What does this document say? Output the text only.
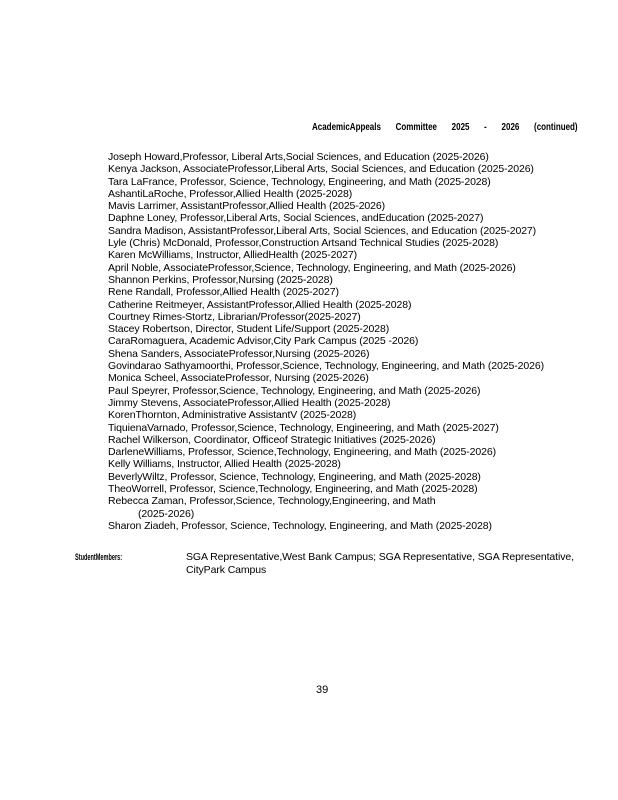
AcademicAppeals Committee 2025 - 2026 (continued)
Joseph Howard,Professor, Liberal Arts,Social Sciences, and Education (2025-2026)
Kenya Jackson, AssociateProfessor,Liberal Arts, Social Sciences, and Education (2025-2026)
Tara LaFrance, Professor, Science, Technology, Engineering, and Math (2025-2028)
AshantiLaRoche, Professor,Allied Health (2025-2028)
Mavis Larrimer, AssistantProfessor,Allied Health (2025-2026)
Daphne Loney, Professor,Liberal Arts, Social Sciences, andEducation (2025-2027)
Sandra Madison, AssistantProfessor,Liberal Arts, Social Sciences, and Education (2025-2027)
Lyle (Chris) McDonald, Professor,Construction Artsand Technical Studies (2025-2028)
Karen McWilliams, Instructor, AlliedHealth (2025-2027)
April Noble, AssociateProfessor,Science, Technology, Engineering, and Math (2025-2026)
Shannon Perkins, Professor,Nursing (2025-2028)
Rene Randall, Professor,Allied Health (2025-2027)
Catherine Reitmeyer, AssistantProfessor,Allied Health (2025-2028)
Courtney Rimes-Stortz, Librarian/Professor(2025-2027)
Stacey Robertson, Director, Student Life/Support (2025-2028)
CaraRomaguera, Academic Advisor,City Park Campus (2025 -2026)
Shena Sanders, AssociateProfessor,Nursing (2025-2026)
Govindarao Sathyamoorthi, Professor,Science, Technology, Engineering, and Math (2025-2026)
Monica Scheel, AssociateProfessor, Nursing (2025-2026)
Paul Speyrer, Professor,Science, Technology, Engineering, and Math (2025-2026)
Jimmy Stevens, AssociateProfessor,Allied Health (2025-2028)
KorenThornton, Administrative AssistantV (2025-2028)
TiquienaVarnado, Professor,Science, Technology, Engineering, and Math (2025-2027)
Rachel Wilkerson, Coordinator, Officeof Strategic Initiatives (2025-2026)
DarleneWilliams, Professor, Science,Technology, Engineering, and Math (2025-2026)
Kelly Williams, Instructor, Allied Health (2025-2028)
BeverlyWiltz, Professor, Science, Technology, Engineering, and Math (2025-2028)
TheoWorrell, Professor, Science,Technology, Engineering, and Math (2025-2028)
Rebecca Zaman, Professor,Science, Technology,Engineering, and Math
(2025-2026)
Sharon Ziadeh, Professor, Science, Technology, Engineering, and Math (2025-2028)
StudentMembers:	SGA Representative,West Bank Campus; SGA Representative, SGA Representative,
CityPark Campus
39
